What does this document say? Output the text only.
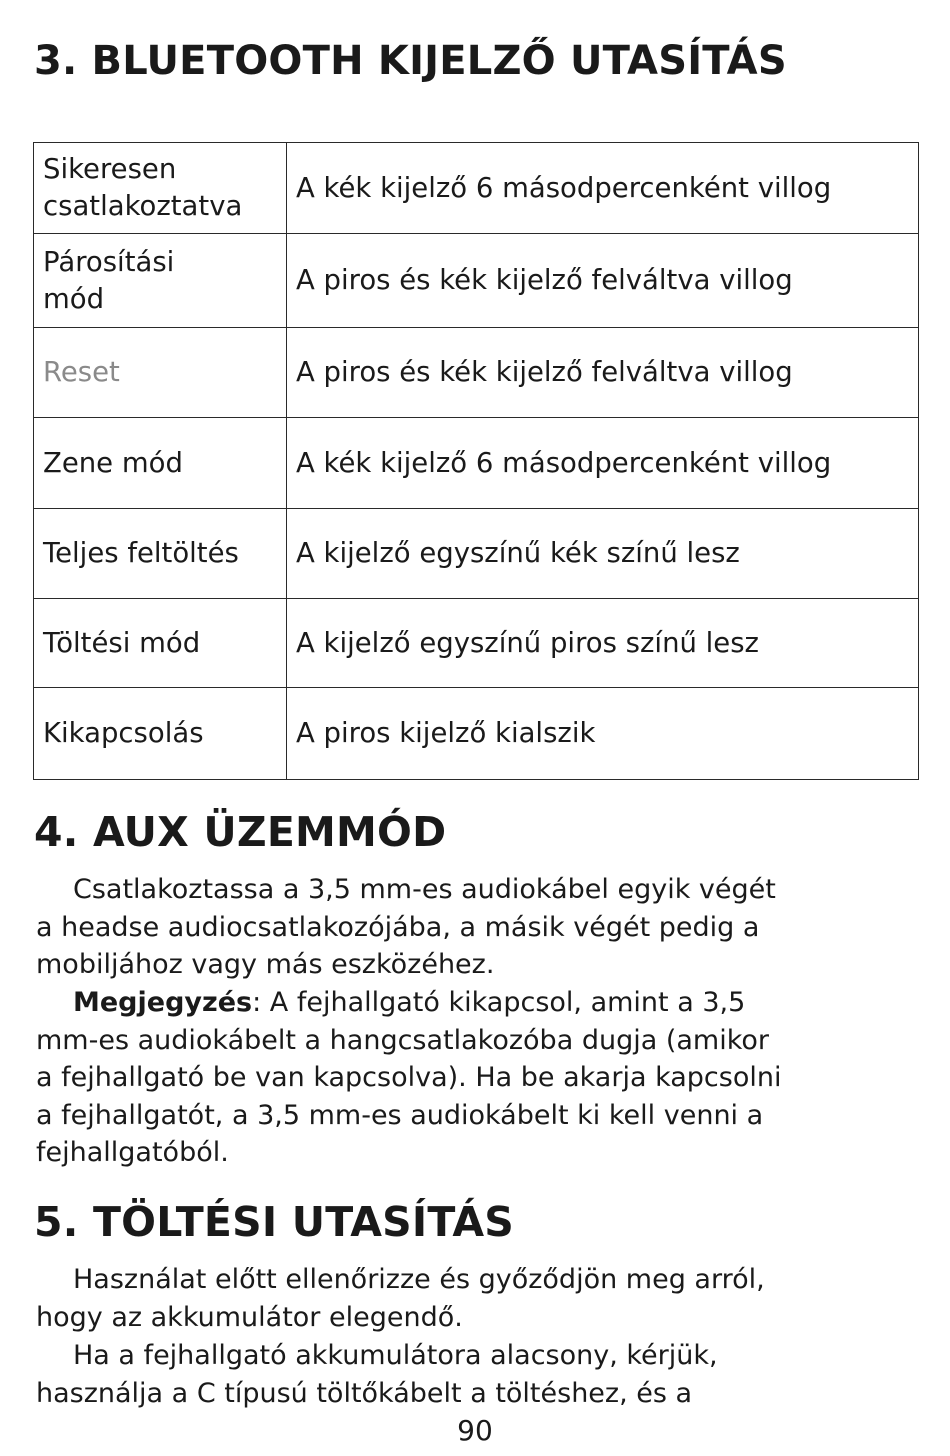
3. BLUETOOTH KIJELZŐ UTASÍTÁS
Sikeresen
csatlakoztatva	A kék kijelző 6 másodpercenként villog

Párosítási
mód	A piros és kék kijelző felváltva villog
Reset	A piros és kék kijelző felváltva villog
Zene mód	A kék kijelző 6 másodpercenként villog
Teljes feltöltés	A kijelző egyszínű kék színű lesz
Töltési mód	A kijelző egyszínű piros színű lesz
Kikapcsolás	A piros kijelző kialszik
4. AUX ÜZEMMÓD

Csatlakoztassa a 3,5 mm-es audiokábel egyik végét
a headse audiocsatlakozójába, a másik végét pedig a
mobiljához vagy más eszközéhez.

Megjegyzés: A fejhallgató kikapcsol, amint a 3,5
mm-es audiokábelt a hangcsatlakozóba dugja (amikor
a fejhallgató be van kapcsolva). Ha be akarja kapcsolni
a fejhallgatót, a 3,5 mm-es audiokábelt ki kell venni a
fejhallgatóból.

5. TÖLTÉSI UTASÍTÁS

Használat előtt ellenőrizze és győződjön meg arról,
hogy az akkumulátor elegendő.

Ha a fejhallgató akkumulátora alacsony, kérjük,
használja a C típusú töltőkábelt a töltéshez, és a

90
